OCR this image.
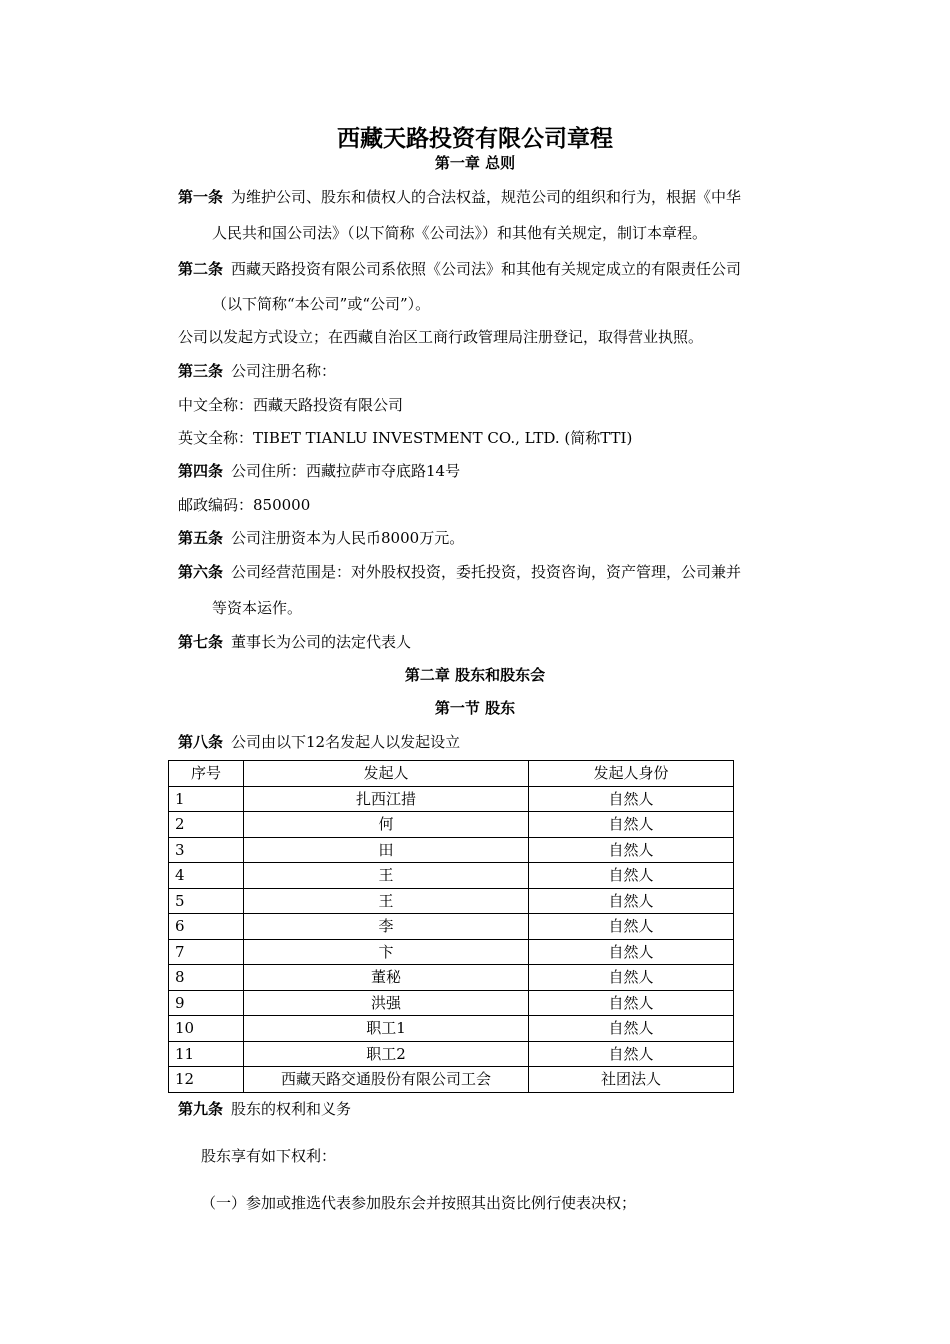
西藏天路投资有限公司章程
第一章 总则
第一条 为维护公司、股东和债权人的合法权益，规范公司的组织和行为，根据《中华
人民共和国公司法》（以下简称《公司法》）和其他有关规定，制订本章程。
第二条 西藏天路投资有限公司系依照《公司法》和其他有关规定成立的有限责任公司
（以下简称“本公司”或“公司”）。
公司以发起方式设立；在西藏自治区工商行政管理局注册登记，取得营业执照。
第三条 公司注册名称：
中文全称：西藏天路投资有限公司
英文全称：TIBET TIANLU INVESTMENT CO., LTD. (简称TTI)
第四条 公司住所：西藏拉萨市夺底路14号
邮政编码：850000
第五条 公司注册资本为人民币8000万元。
第六条 公司经营范围是：对外股权投资，委托投资，投资咨询，资产管理，公司兼并
等资本运作。
第七条 董事长为公司的法定代表人
第二章 股东和股东会
第一节 股东
第八条 公司由以下12名发起人以发起设立
序号	发起人	发起人身份
1	扎西江措	自然人
2	何	自然人
3	田	自然人
4	王	自然人
5	王	自然人
6	李	自然人
7	卞	自然人
8	董秘	自然人
9	洪强	自然人
10	职工1	自然人
11	职工2	自然人
12	西藏天路交通股份有限公司工会	社团法人
第九条 股东的权利和义务
股东享有如下权利：
（一）参加或推选代表参加股东会并按照其出资比例行使表决权；
